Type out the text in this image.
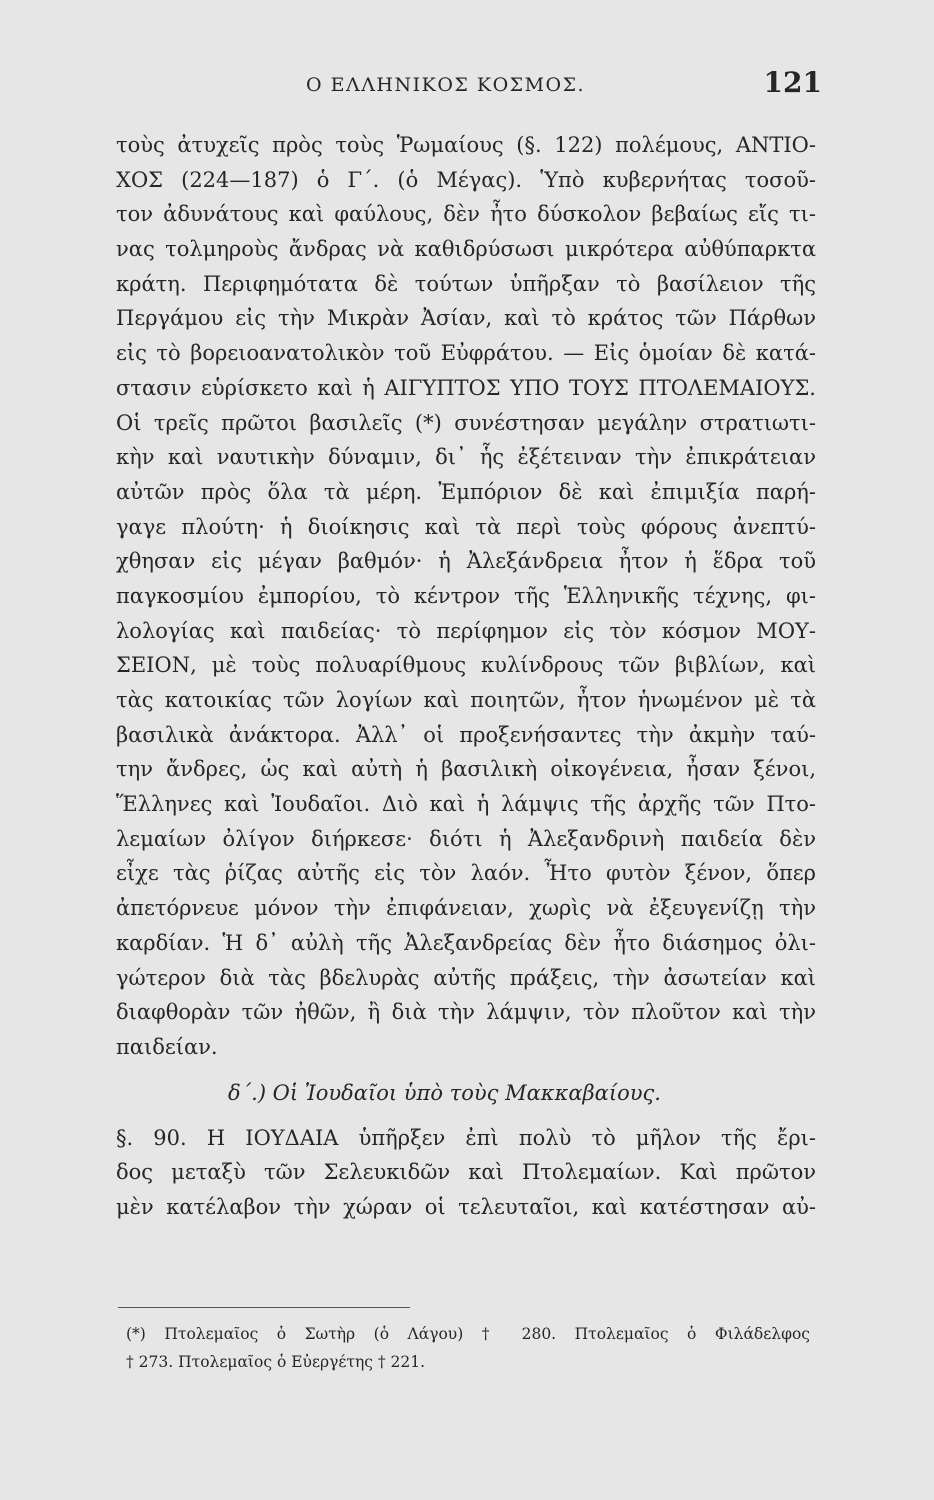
Ο ΕΛΛΗΝΙΚΟΣ ΚΟΣΜΟΣ.	121
τοὺς ἀτυχεῖς πρὸς τοὺς Ῥωμαίους (§. 122) πολέμους, ΑΝΤΙΟ-
ΧΟΣ (224—187) ὁ Γ΄. (ὁ Μέγας). Ὑπὸ κυβερνήτας τοσοῦ-
τον ἀδυνάτους καὶ φαύλους, δὲν ἦτο δύσκολον βεβαίως εἴς τι-
νας τολμηροὺς ἄνδρας νὰ καθιδρύσωσι μικρότερα αὐθύπαρκτα
κράτη. Περιφημότατα δὲ τούτων ὑπῆρξαν τὸ βασίλειον τῆς
Περγάμου εἰς τὴν Μικρὰν Ἀσίαν, καὶ τὸ κράτος τῶν Πάρθων
εἰς τὸ βορειοανατολικὸν τοῦ Εὐφράτου. — Εἰς ὁμοίαν δὲ κατά-
στασιν εὑρίσκετο καὶ ἡ ΑΙΓΥΠΤΟΣ ΥΠΟ ΤΟΥΣ ΠΤΟΛΕΜΑΙΟΥΣ.
Οἱ τρεῖς πρῶτοι βασιλεῖς (*) συνέστησαν μεγάλην στρατιωτι-
κὴν καὶ ναυτικὴν δύναμιν, δι᾽ ἧς ἐξέτειναν τὴν ἐπικράτειαν
αὐτῶν πρὸς ὅλα τὰ μέρη. Ἐμπόριον δὲ καὶ ἐπιμιξία παρή-
γαγε πλούτη· ἡ διοίκησις καὶ τὰ περὶ τοὺς φόρους ἀνεπτύ-
χθησαν εἰς μέγαν βαθμόν· ἡ Ἀλεξάνδρεια ἦτον ἡ ἕδρα τοῦ
παγκοσμίου ἐμπορίου, τὸ κέντρον τῆς Ἑλληνικῆς τέχνης, φι-
λολογίας καὶ παιδείας· τὸ περίφημον εἰς τὸν κόσμον ΜΟΥ-
ΣΕΙΟΝ, μὲ τοὺς πολυαρίθμους κυλίνδρους τῶν βιβλίων, καὶ
τὰς κατοικίας τῶν λογίων καὶ ποιητῶν, ἦτον ἡνωμένον μὲ τὰ
βασιλικὰ ἀνάκτορα. Ἀλλ᾽ οἱ προξενήσαντες τὴν ἀκμὴν ταύ-
την ἄνδρες, ὡς καὶ αὐτὴ ἡ βασιλικὴ οἰκογένεια, ἦσαν ξένοι,
Ἕλληνες καὶ Ἰουδαῖοι. Διὸ καὶ ἡ λάμψις τῆς ἀρχῆς τῶν Πτο-
λεμαίων ὀλίγον διήρκεσε· διότι ἡ Ἀλεξανδρινὴ παιδεία δὲν
εἶχε τὰς ῥίζας αὐτῆς εἰς τὸν λαόν. Ἦτο φυτὸν ξένον, ὅπερ
ἀπετόρνευε μόνον τὴν ἐπιφάνειαν, χωρὶς νὰ ἐξευγενίζῃ τὴν
καρδίαν. Ἡ δ᾽ αὐλὴ τῆς Ἀλεξανδρείας δὲν ἦτο διάσημος ὀλι-
γώτερον διὰ τὰς βδελυρὰς αὐτῆς πράξεις, τὴν ἀσωτείαν καὶ
διαφθορὰν τῶν ἠθῶν, ἢ διὰ τὴν λάμψιν, τὸν πλοῦτον καὶ τὴν
παιδείαν.
δ΄.) Οἱ Ἰουδαῖοι ὑπὸ τοὺς Μακκαβαίους.
§. 90. Η ΙΟΥΔΑΙΑ ὑπῆρξεν ἐπὶ πολὺ τὸ μῆλον τῆς ἔρι-
δος μεταξὺ τῶν Σελευκιδῶν καὶ Πτολεμαίων. Καὶ πρῶτον
μὲν κατέλαβον τὴν χώραν οἱ τελευταῖοι, καὶ κατέστησαν αὐ-
(*) Πτολεμαῖος ὁ Σωτὴρ (ὁ Λάγου) † 280. Πτολεμαῖος ὁ Φιλάδελφος
† 273. Πτολεμαῖος ὁ Εὐεργέτης † 221.
